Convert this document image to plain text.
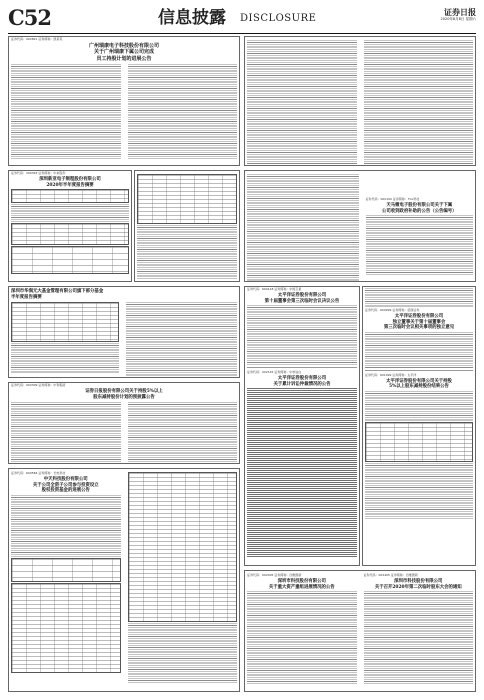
C52	信息披露 DISCLOSURE
证券日报
2020年8月8日 星期六
证券代码：002821 证券简称：凯莱英
广州瑞康电子科技股份有限公司
关于广州瑞康下属公司完成
员工持股计划的进展公告
证券代码：300393 证券简称：中来股份
深圳新亚电子制程股份有限公司
2020年半年度报告摘要
证券代码：000100 证券简称：TCL科技
天马微电子股份有限公司关于下属
公司收到政府补助的公告（公告编号）
深圳市华润元大基金管理有限公司旗下部分基金
半年度报告摘要
证券代码：600118 证券简称：中国卫星
太平洋证券股份有限公司
第十届董事会第三次临时会议决议公告
证券代码：002145 证券简称：中核钛白
太平洋证券股份有限公司
关于累计诉讼仲裁情况的公告
证券代码：600999 证券简称：招商证券
太平洋证券股份有限公司
独立董事关于第十届董事会
第三次临时会议相关事项的独立意见
证券代码：601099 证券简称：太平洋
太平洋证券股份有限公司关于持股
5%以上股东减持股份结果公告
证券代码：002309 证券简称：中利集团
证券日报股份有限公司关于持股5%以上
股东减持股份计划的预披露公告
证券代码：600584 证券简称：长电科技
中天科技股份有限公司
关于公司全资子公司参与投资设立
股权投资基金的进展公告
证券代码：002405 证券简称：四维图新
深圳市科技股份有限公司
关于重大资产重组进展情况的公告
证券代码：002405 证券简称：四维图新
深圳市科技股份有限公司
关于召开2020年第二次临时股东大会的通知
